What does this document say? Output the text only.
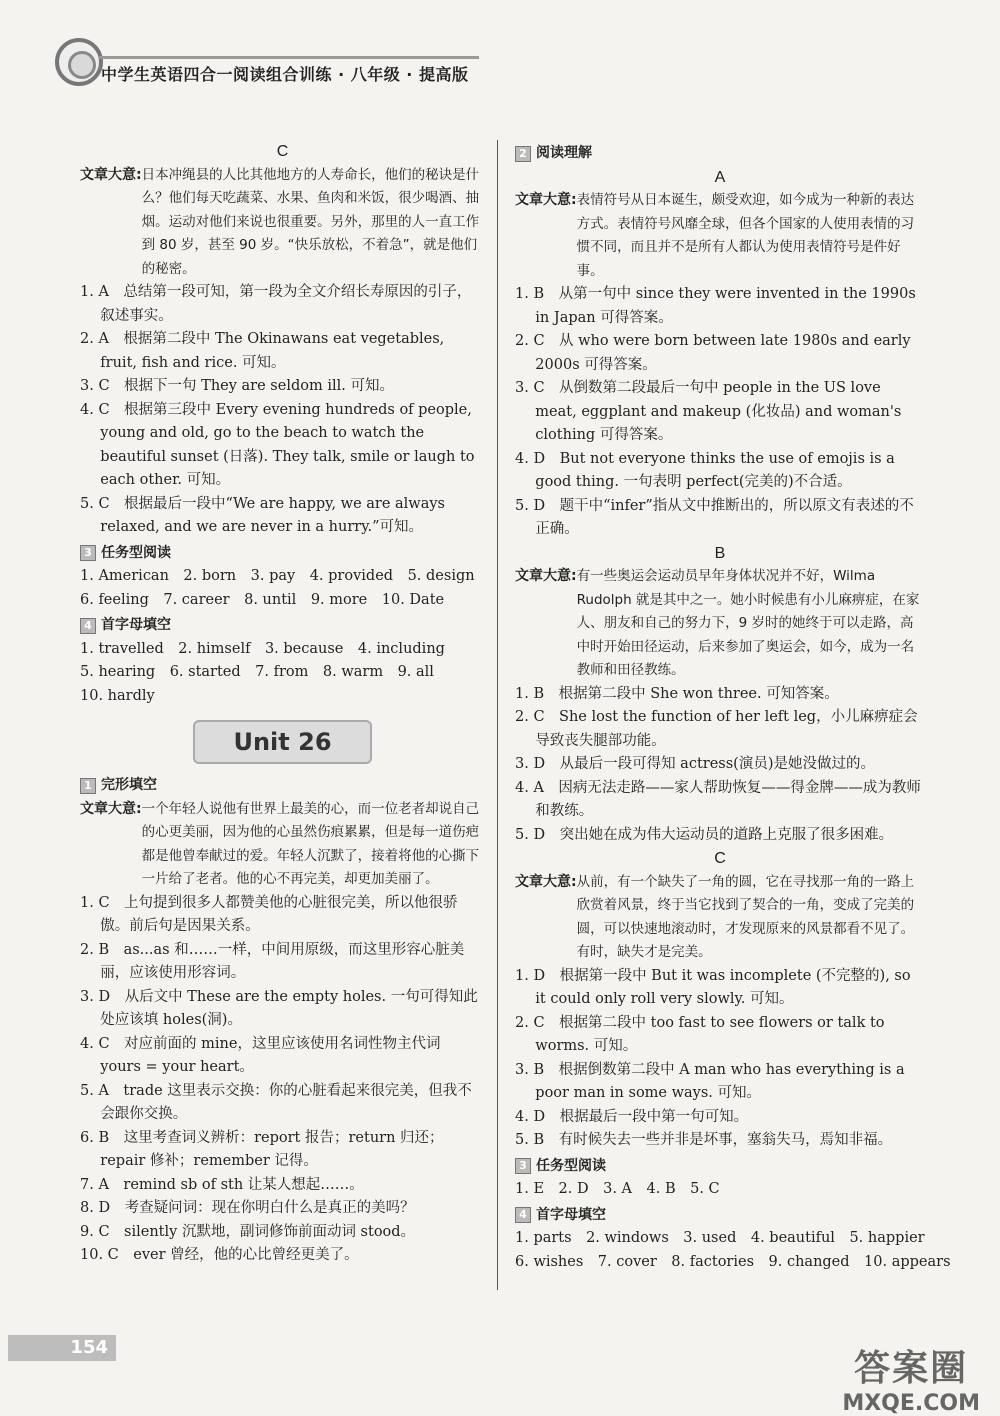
中学生英语四合一阅读组合训练 · 八年级 · 提高版
C
文章大意: 日本冲绳县的人比其他地方的人寿命长，他们的秘诀是什么？他们每天吃蔬菜、水果、鱼肉和米饭，很少喝酒、抽烟。运动对他们来说也很重要。另外，那里的人一直工作到 80 岁，甚至 90 岁。“快乐放松，不着急”，就是他们的秘密。
1. A　总结第一段可知，第一段为全文介绍长寿原因的引子，叙述事实。
2. A　根据第二段中 The Okinawans eat vegetables, fruit, fish and rice. 可知。
3. C　根据下一句 They are seldom ill. 可知。
4. C　根据第三段中 Every evening hundreds of people, young and old, go to the beach to watch the beautiful sunset (日落). They talk, smile or laugh to each other. 可知。
5. C　根据最后一段中“We are happy, we are always relaxed, and we are never in a hurry.”可知。
3 任务型阅读
1. American　2. born　3. pay　4. provided　5. design
6. feeling　7. career　8. until　9. more　10. Date
4 首字母填空
1. travelled　2. himself　3. because　4. including
5. hearing　6. started　7. from　8. warm　9. all
10. hardly
Unit 26
1 完形填空
文章大意: 一个年轻人说他有世界上最美的心，而一位老者却说自己的心更美丽，因为他的心虽然伤痕累累，但是每一道伤疤都是他曾奉献过的爱。年轻人沉默了，接着将他的心撕下一片给了老者。他的心不再完美，却更加美丽了。
1. C　上句提到很多人都赞美他的心脏很完美，所以他很骄傲。前后句是因果关系。
2. B　as...as 和……一样，中间用原级，而这里形容心脏美丽，应该使用形容词。
3. D　从后文中 These are the empty holes. 一句可得知此处应该填 holes(洞)。
4. C　对应前面的 mine，这里应该使用名词性物主代词 yours = your heart。
5. A　trade 这里表示交换：你的心脏看起来很完美，但我不会跟你交换。
6. B　这里考查词义辨析：report 报告；return 归还；repair 修补；remember 记得。
7. A　remind sb of sth 让某人想起……。
8. D　考查疑问词：现在你明白什么是真正的美吗？
9. C　silently 沉默地，副词修饰前面动词 stood。
10. C　ever 曾经，他的心比曾经更美了。
2 阅读理解
A
文章大意: 表情符号从日本诞生，颇受欢迎，如今成为一种新的表达方式。表情符号风靡全球，但各个国家的人使用表情的习惯不同，而且并不是所有人都认为使用表情符号是件好事。
1. B　从第一句中 since they were invented in the 1990s in Japan 可得答案。
2. C　从 who were born between late 1980s and early 2000s 可得答案。
3. C　从倒数第二段最后一句中 people in the US love meat, eggplant and makeup (化妆品) and woman's clothing 可得答案。
4. D　But not everyone thinks the use of emojis is a good thing. 一句表明 perfect(完美的)不合适。
5. D　题干中“infer”指从文中推断出的，所以原文有表述的不正确。
B
文章大意: 有一些奥运会运动员早年身体状况并不好，Wilma Rudolph 就是其中之一。她小时候患有小儿麻痹症，在家人、朋友和自己的努力下，9 岁时的她终于可以走路，高中时开始田径运动，后来参加了奥运会，如今，成为一名教师和田径教练。
1. B　根据第二段中 She won three. 可知答案。
2. C　She lost the function of her left leg，小儿麻痹症会导致丧失腿部功能。
3. D　从最后一段可得知 actress(演员)是她没做过的。
4. A　因病无法走路——家人帮助恢复——得金牌——成为教师和教练。
5. D　突出她在成为伟大运动员的道路上克服了很多困难。
C
文章大意: 从前，有一个缺失了一角的圆，它在寻找那一角的一路上欣赏着风景，终于当它找到了契合的一角，变成了完美的圆，可以快速地滚动时，才发现原来的风景都看不见了。有时，缺失才是完美。
1. D　根据第一段中 But it was incomplete (不完整的), so it could only roll very slowly. 可知。
2. C　根据第二段中 too fast to see flowers or talk to worms. 可知。
3. B　根据倒数第二段中 A man who has everything is a poor man in some ways. 可知。
4. D　根据最后一段中第一句可知。
5. B　有时候失去一些并非是坏事，塞翁失马，焉知非福。
3 任务型阅读
1. E　2. D　3. A　4. B　5. C
4 首字母填空
1. parts　2. windows　3. used　4. beautiful　5. happier
6. wishes　7. cover　8. factories　9. changed　10. appears
154
答案圈
MXQE.COM
